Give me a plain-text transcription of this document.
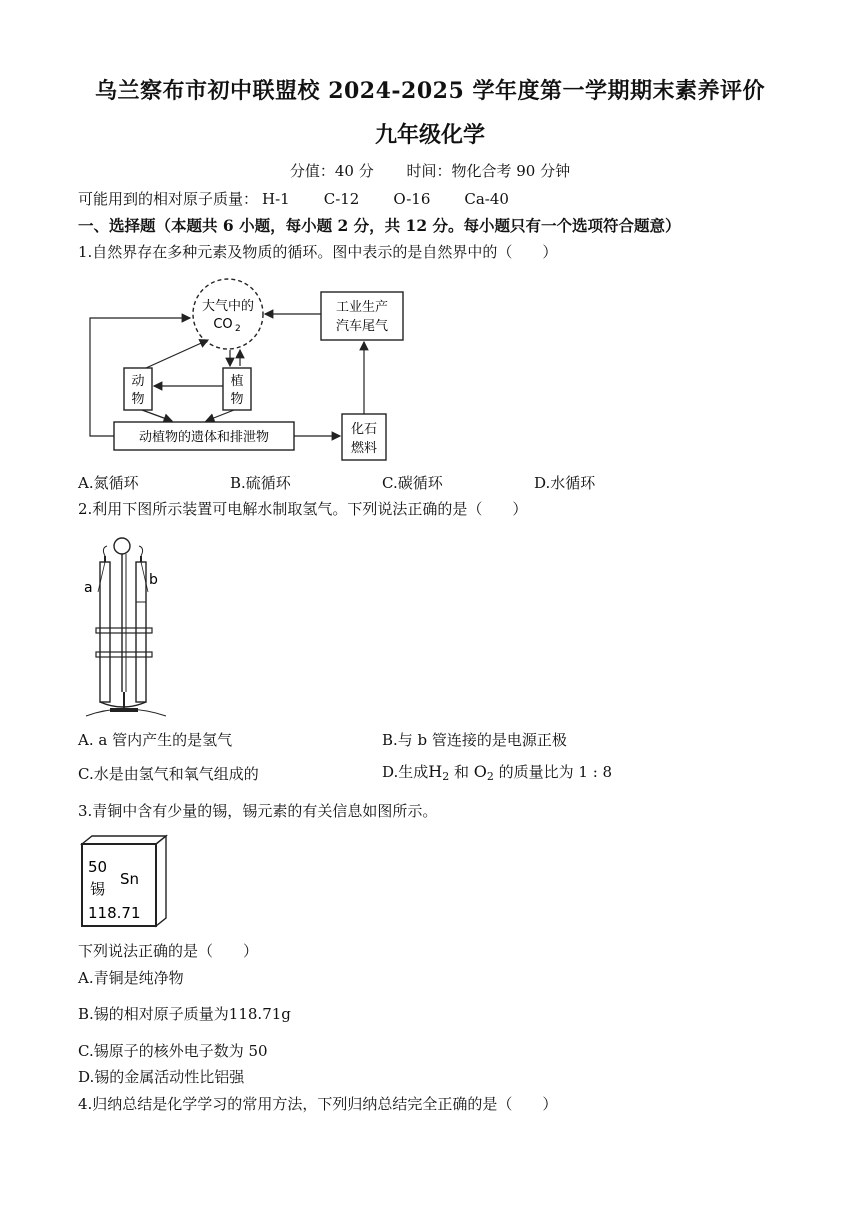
乌兰察布市初中联盟校 2024-2025 学年度第一学期期末素养评价
九年级化学
分值：40 分 时间：物化合考 90 分钟
可能用到的相对原子质量： H-1 C-12 O-16 Ca-40
一、选择题（本题共 6 小题，每小题 2 分，共 12 分。每小题只有一个选项符合题意）
1.自然界存在多种元素及物质的循环。图中表示的是自然界中的（　　）
大气中的
CO 2
工业生产
汽车尾气
动
物
植
物
动植物的遗体和排泄物
化石
燃料
A.氮循环	B.硫循环	C.碳循环	D.水循环
2.利用下图所示装置可电解水制取氢气。下列说法正确的是（　　）
a	b
A. a 管内产生的是氢气	B.与 b 管连接的是电源正极
C.水是由氢气和氧气组成的	D.生成$H_2$ 和 $O_2$ 的质量比为 1 : 8
3.青铜中含有少量的锡，锡元素的有关信息如图所示。
50
Sn
锡
118.71
下列说法正确的是（　　）
A.青铜是纯净物
B.锡的相对原子质量为118.71g
C.锡原子的核外电子数为 50
D.锡的金属活动性比铝强
4.归纳总结是化学学习的常用方法，下列归纳总结完全正确的是（　　）
